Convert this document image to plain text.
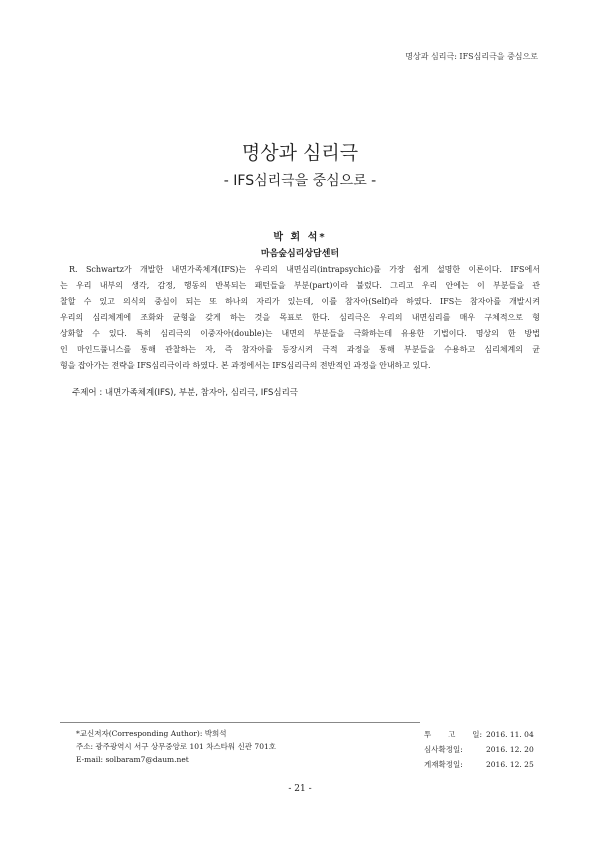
명상과 심리극: IFS심리극을 중심으로
명상과 심리극
- IFS심리극을 중심으로 -
박 회 석*
마음숲심리상담센터
R. Schwartz가 개발한 내면가족체계(IFS)는 우리의 내면심리(intrapsychic)를 가장 쉽게 설명한 이론이다. IFS에서
는 우리 내부의 생각, 감정, 행동의 반복되는 패턴들을 부분(part)이라 불렀다. 그리고 우리 안에는 이 부분들을 관
찰할 수 있고 의식의 중심이 되는 또 하나의 자리가 있는데, 이를 참자아(Self)라 하였다. IFS는 참자아를 개발시켜
우리의 심리체계에 조화와 균형을 갖게 하는 것을 목표로 한다. 심리극은 우리의 내면심리를 매우 구체적으로 형
상화할 수 있다. 특히 심리극의 이중자아(double)는 내면의 부분들을 극화하는데 유용한 기법이다. 명상의 한 방법
인 마인드풀니스를 통해 관찰하는 자, 즉 참자아를 등장시켜 극적 과정을 통해 부분들을 수용하고 심리체계의 균
형을 잡아가는 전략을 IFS심리극이라 하였다. 본 과정에서는 IFS심리극의 전반적인 과정을 안내하고 있다.
주제어 : 내면가족체계(IFS), 부분, 참자아, 심리극, IFS심리극
*교신저자(Corresponding Author): 박희석
주소: 광주광역시 서구 상무중앙로 101 차스타워 신관 701호
E-mail: solbaram7@daum.net
투 고 일: 2016. 11. 04
심사확정일:	2016. 12. 20
게재확정일:	2016. 12. 25
- 21 -
